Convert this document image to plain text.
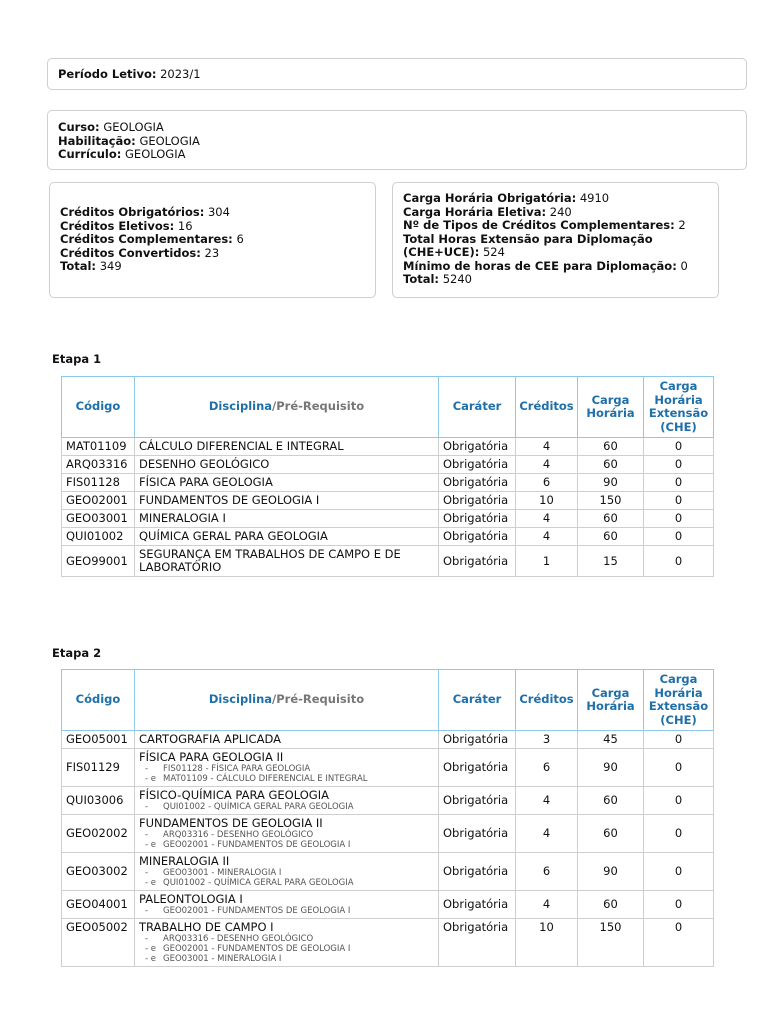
Período Letivo: 2023/1
Curso: GEOLOGIA
Habilitação: GEOLOGIA
Currículo: GEOLOGIA
Créditos Obrigatórios: 304
Créditos Eletivos: 16
Créditos Complementares: 6
Créditos Convertidos: 23
Total: 349
Carga Horária Obrigatória: 4910
Carga Horária Eletiva: 240
Nº de Tipos de Créditos Complementares: 2
Total Horas Extensão para Diplomação (CHE+UCE): 524
Mínimo de horas de CEE para Diplomação: 0
Total: 5240
Etapa 1
Código	Disciplina/Pré-Requisito	Caráter	Créditos	Carga Horária	Carga Horária Extensão (CHE)
MAT01109	CÁLCULO DIFERENCIAL E INTEGRAL	Obrigatória	4	60	0
ARQ03316	DESENHO GEOLÓGICO	Obrigatória	4	60	0
FIS01128	FÍSICA PARA GEOLOGIA	Obrigatória	6	90	0
GEO02001	FUNDAMENTOS DE GEOLOGIA I	Obrigatória	10	150	0
GEO03001	MINERALOGIA I	Obrigatória	4	60	0
QUI01002	QUÍMICA GERAL PARA GEOLOGIA	Obrigatória	4	60	0
GEO99001	SEGURANÇA EM TRABALHOS DE CAMPO E DE LABORATÓRIO	Obrigatória	1	15	0
Etapa 2
Código	Disciplina/Pré-Requisito	Caráter	Créditos	Carga Horária	Carga Horária Extensão (CHE)
GEO05001	CARTOGRAFIA APLICADA	Obrigatória	3	45	0
FIS01129	FÍSICA PARA GEOLOGIA II
- FIS01128 - FÍSICA PARA GEOLOGIA
- e MAT01109 - CÁLCULO DIFERENCIAL E INTEGRAL	Obrigatória	6	90	0
QUI03006	FÍSICO-QUÍMICA PARA GEOLOGIA
- QUI01002 - QUÍMICA GERAL PARA GEOLOGIA	Obrigatória	4	60	0
GEO02002	FUNDAMENTOS DE GEOLOGIA II
- ARQ03316 - DESENHO GEOLÓGICO
- e GEO02001 - FUNDAMENTOS DE GEOLOGIA I	Obrigatória	4	60	0
GEO03002	MINERALOGIA II
- GEO03001 - MINERALOGIA I
- e QUI01002 - QUÍMICA GERAL PARA GEOLOGIA	Obrigatória	6	90	0
GEO04001	PALEONTOLOGIA I
- GEO02001 - FUNDAMENTOS DE GEOLOGIA I	Obrigatória	4	60	0
GEO05002	TRABALHO DE CAMPO I
- ARQ03316 - DESENHO GEOLÓGICO
- e GEO02001 - FUNDAMENTOS DE GEOLOGIA I
- e GEO03001 - MINERALOGIA I	Obrigatória	10	150	0
